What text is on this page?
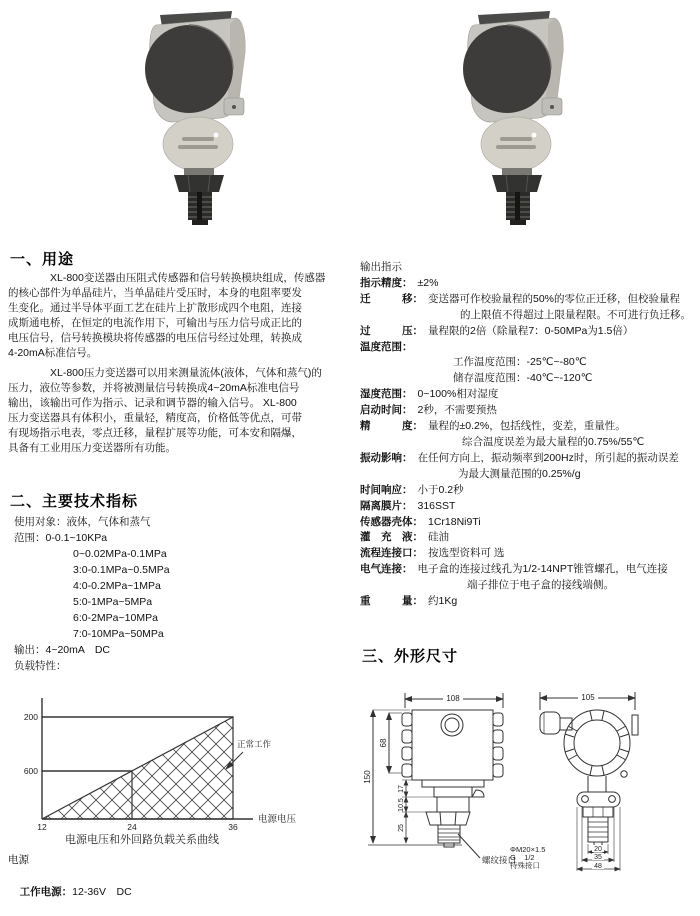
一、用途
　　　　XL-800变送器由压阻式传感器和信号转换模块组成，传感器
的核心部件为单晶硅片，当单晶硅片受压时，本身的电阻率要发
生变化。通过半导体平面工艺在硅片上扩散形成四个电阻，连接
成斯通电桥，在恒定的电流作用下，可输出与压力信号成正比的
电压信号，信号转换模块将传感器的电压信号经过处理，转换成
4-20mA标准信号。
　　　　XL-800压力变送器可以用来测量流体(液体，气体和蒸气)的
压力，液位等参数，并将被测量信号转换成4~20mA标准电信号
输出，该输出可作为指示、记录和调节器的输入信号。 XL-800
压力变送器具有体积小，重量轻，精度高，价格低等优点，可带
有现场指示电表，零点迁移，量程扩展等功能，可本安和隔爆，
具备有工业用压力变送器所有功能。
二、主要技术指标
使用对象：液体，气体和蒸气
范围：0-0.1~10KPa
0~0.02MPa-0.1MPa
3:0-0.1MPa~0.5MPa
4:0-0.2MPa~1MPa
5:0-1MPa~5MPa
6:0-2MPa~10MPa
7:0-10MPa~50MPa
输出：4~20mA　DC
负载特性：
200
600
12	24	36
电源电压
正常工作
电源电压和外回路负载关系曲线
电源

工作电源：12-36V　DC

输出指示
指示精度： ±2%
迁　　　移： 变送器可作校验量程的50%的零位正迁移，但校验量程
的上限值不得超过上限量程限。不可进行负迁移。
过　　　压： 量程限的2倍（除量程7：0-50MPa为1.5倍）
温度范围：
工作温度范围：-25℃~-80℃
储存温度范围：-40℃~-120℃
湿度范围： 0~100%相对湿度
启动时间： 2秒，不需要预热
精　　　度： 量程的±0.2%，包括线性，变差，重量性。
综合温度误差为最大量程的0.75%/55℃
振动影响： 在任何方向上，振动频率到200Hz时，所引起的振动误差
为最大测量范围的0.25%/g
时间响应： 小于0.2秒
隔离膜片： 316SST
传感器壳体： 1Cr18Ni9Ti
灌　充　液： 硅油
流程连接口： 按选型资料可 选
电气连接： 电子盒的连接过线孔为1/2-14NPT锥管螺孔，电气连接
端子排位于电子盒的接线端侧。
重　　　量： 约1Kg
三、外形尺寸
108
150
68
17
10.5
25
螺纹接口
ΦM20×1.5
G    1/2
特殊接口
105
20
35
48
